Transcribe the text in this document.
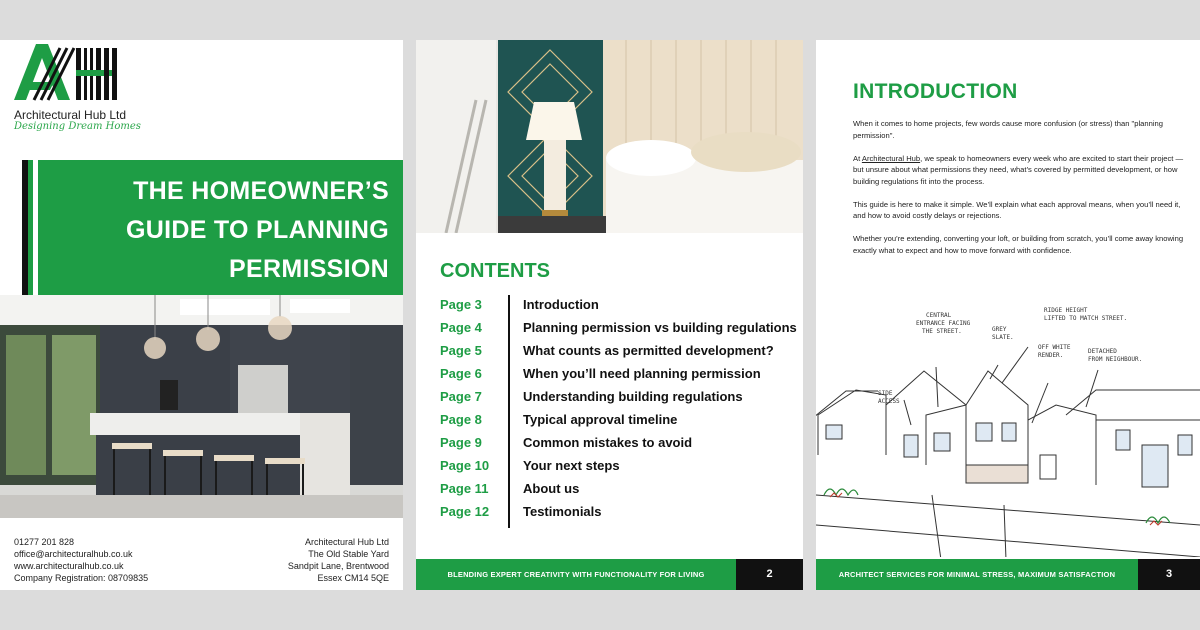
Architectural Hub Ltd
Designing Dream Homes
THE HOMEOWNER’S
GUIDE TO PLANNING
PERMISSION
01277 201 828
office@architecturalhub.co.uk
www.architecturalhub.co.uk
Company Registration: 08709835
Architectural Hub Ltd
The Old Stable Yard
Sandpit Lane, Brentwood
Essex CM14 5QE
CONTENTS
Page 3	Introduction
Page 4	Planning permission vs building regulations
Page 5	What counts as permitted development?
Page 6	When you’ll need planning permission
Page 7	Understanding building regulations
Page 8	Typical approval timeline
Page 9	Common mistakes to avoid
Page 10	Your next steps
Page 11	About us
Page 12	Testimonials
BLENDING EXPERT CREATIVITY WITH FUNCTIONALITY FOR LIVING	2
INTRODUCTION

When it comes to home projects, few words cause more confusion (or stress) than "planning permission".

At Architectural Hub, we speak to homeowners every week who are excited to start their project — but unsure about what permissions they need, what’s covered by permitted development, or how building regulations fit into the process.

This guide is here to make it simple. We’ll explain what each approval means, when you’ll need it, and how to avoid costly delays or rejections.

Whether you’re extending, converting your loft, or building from scratch, you’ll come away knowing exactly what to expect and how to move forward with confidence.

CENTRAL
ENTRANCE FACING
THE STREET.	GREY
SLATE.
RIDGE HEIGHT
LIFTED TO MATCH STREET.
OFF WHITE
RENDER.
DETACHED
FROM NEIGHBOUR.
SIDE
ACCESS
ARCHITECT SERVICES FOR MINIMAL STRESS, MAXIMUM SATISFACTION	3
